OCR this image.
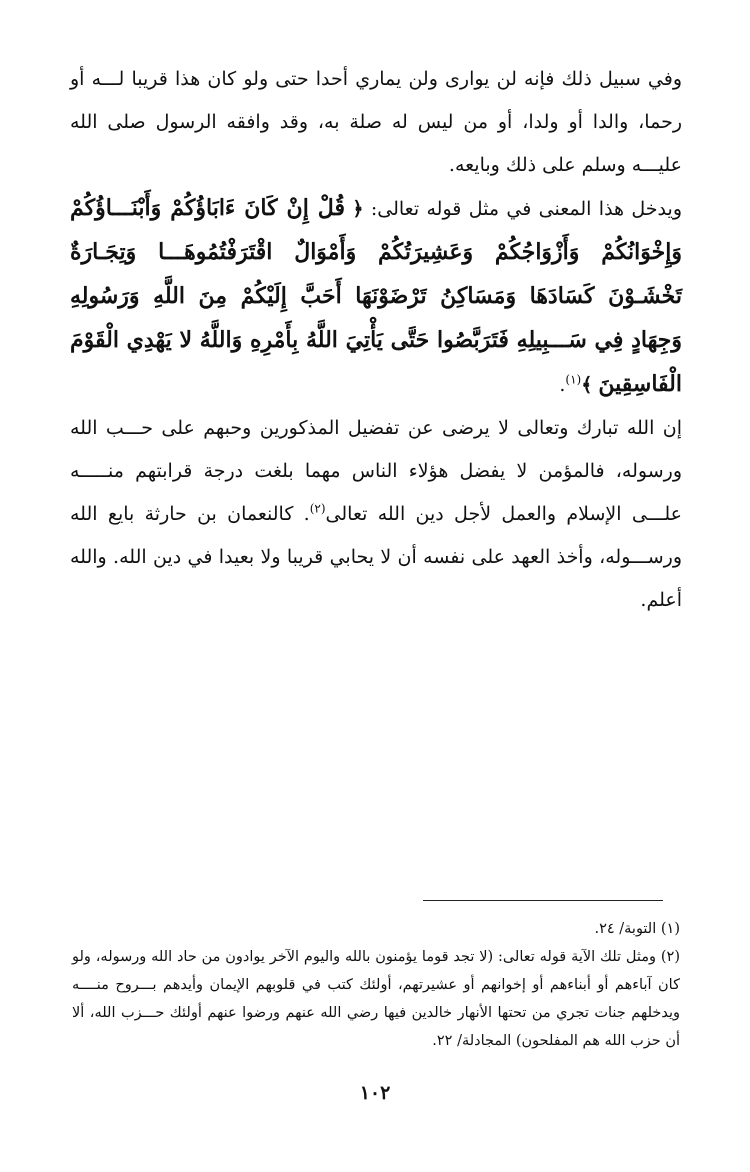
وفي سبيل ذلك فإنه لن يوارى ولن يماري أحدا حتى ولو كان هذا قريبا لـــه أو رحما، والدا أو ولدا، أو من ليس له صلة به، وقد وافقه الرسول صلى الله عليـــه وسلم على ذلك وبايعه.

ويدخل هذا المعنى في مثل قوله تعالى: ﴿ قُلْ إِنْ كَانَ ءَابَاؤُكُمْ وَأَبْنَـــاؤُكُمْ وَإِخْوَانُكُمْ وَأَزْوَاجُكُمْ وَعَشِيرَتُكُمْ وَأَمْوَالٌ اقْتَرَفْتُمُوهَـــا وَتِجَـارَةٌ تَخْشَـوْنَ كَسَادَهَا وَمَسَاكِنُ تَرْضَوْنَهَا أَحَبَّ إِلَيْكُمْ مِنَ اللَّهِ وَرَسُولِهِ وَجِهَادٍ فِي سَـــبِيلِهِ فَتَرَبَّصُوا حَتَّى يَأْتِيَ اللَّهُ بِأَمْرِهِ وَاللَّهُ لا يَهْدِي الْقَوْمَ الْفَاسِقِينَ ﴾$^{(١)}$.

إن الله تبارك وتعالى لا يرضى عن تفضيل المذكورين وحبهم على حـــب الله ورسوله، فالمؤمن لا يفضل هؤلاء الناس مهما بلغت درجة قرابتهم منـــــه علـــى الإسلام والعمل لأجل دين الله تعالى$^{(٢)}$. كالنعمان بن حارثة بايع الله ورســـوله، وأخذ العهد على نفسه أن لا يحابي قريبا ولا بعيدا في دين الله. والله أعلم.

(١) التوبة/ ٢٤.

(٢) ومثل تلك الآية قوله تعالى: (لا تجد قوما يؤمنون بالله واليوم الآخر يوادون من حاد الله ورسوله، ولو كان آباءهم أو أبناءهم أو إخوانهم أو عشيرتهم، أولئك كتب في قلوبهم الإيمان وأيدهم بـــروح منــــه ويدخلهم جنات تجري من تحتها الأنهار خالدين فيها رضي الله عنهم ورضوا عنهم أولئك حـــزب الله، ألا أن حزب الله هم المفلحون) المجادلة/ ٢٢.

١٠٢
